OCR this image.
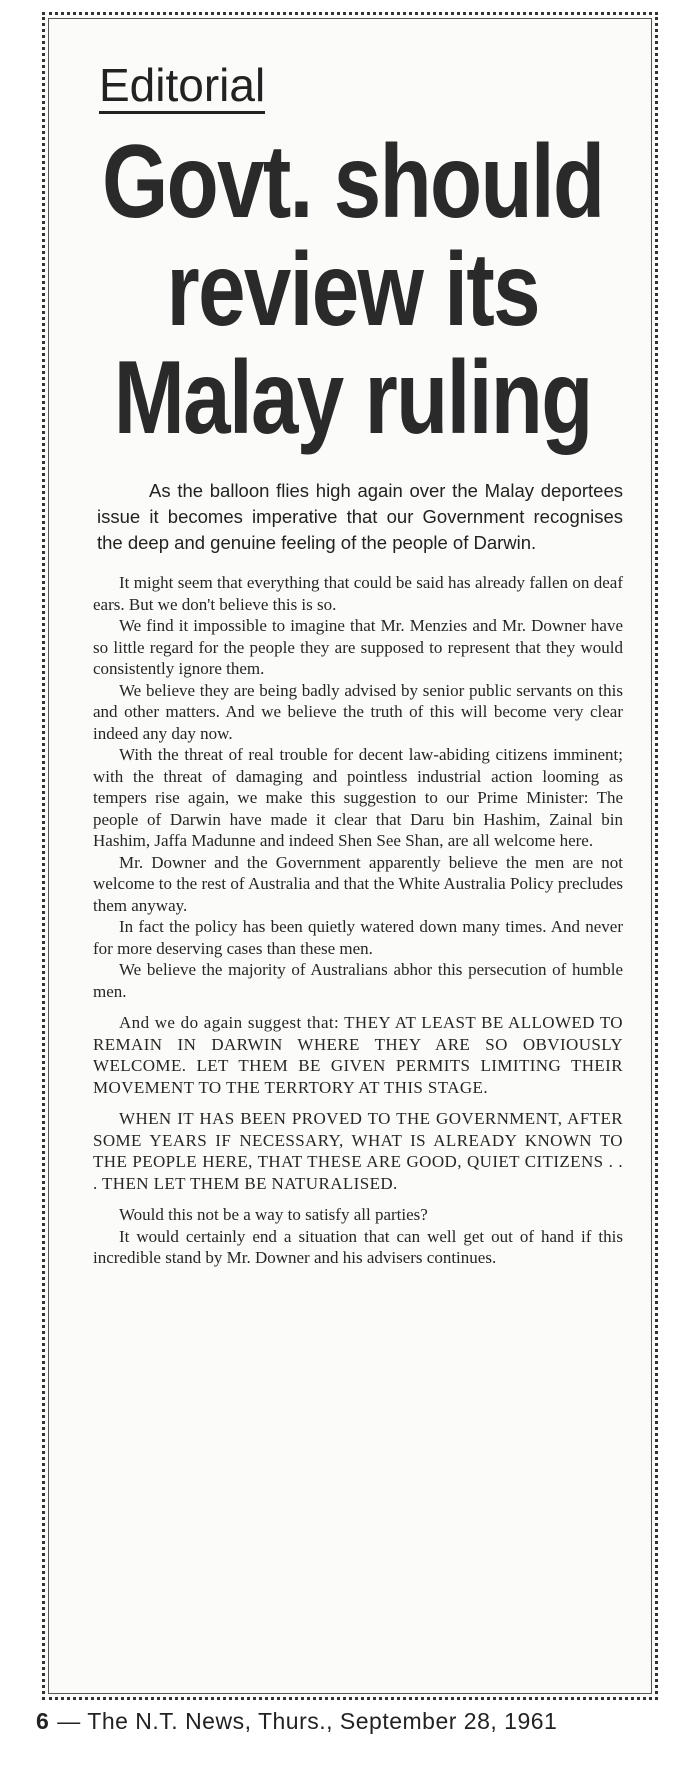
Editorial
Govt. should
review its
Malay ruling

As the balloon flies high again over the Malay deportees issue it becomes imperative that our Government recognises the deep and genuine feeling of the people of Darwin.

It might seem that everything that could be said has already fallen on deaf ears. But we don't believe this is so.

We find it impossible to imagine that Mr. Menzies and Mr. Downer have so little regard for the people they are supposed to represent that they would consistently ignore them.

We believe they are being badly advised by senior public servants on this and other matters. And we believe the truth of this will become very clear indeed any day now.

With the threat of real trouble for decent law-abiding citizens imminent; with the threat of damaging and pointless industrial action looming as tempers rise again, we make this suggestion to our Prime Minister: The people of Darwin have made it clear that Daru bin Hashim, Zainal bin Hashim, Jaffa Madunne and indeed Shen See Shan, are all welcome here.

Mr. Downer and the Government apparently believe the men are not welcome to the rest of Australia and that the White Australia Policy precludes them anyway.

In fact the policy has been quietly watered down many times. And never for more deserving cases than these men.

We believe the majority of Australians abhor this persecution of humble men.

And we do again suggest that: THEY AT LEAST BE ALLOWED TO REMAIN IN DARWIN WHERE THEY ARE SO OBVIOUSLY WELCOME. LET THEM BE GIVEN PERMITS LIMITING THEIR MOVEMENT TO THE TERRTORY AT THIS STAGE.

WHEN IT HAS BEEN PROVED TO THE GOVERNMENT, AFTER SOME YEARS IF NECESSARY, WHAT IS ALREADY KNOWN TO THE PEOPLE HERE, THAT THESE ARE GOOD, QUIET CITIZENS . . . THEN LET THEM BE NATURALISED.

Would this not be a way to satisfy all parties?

It would certainly end a situation that can well get out of hand if this incredible stand by Mr. Downer and his advisers continues.

6 — The N.T. News, Thurs., September 28, 1961
